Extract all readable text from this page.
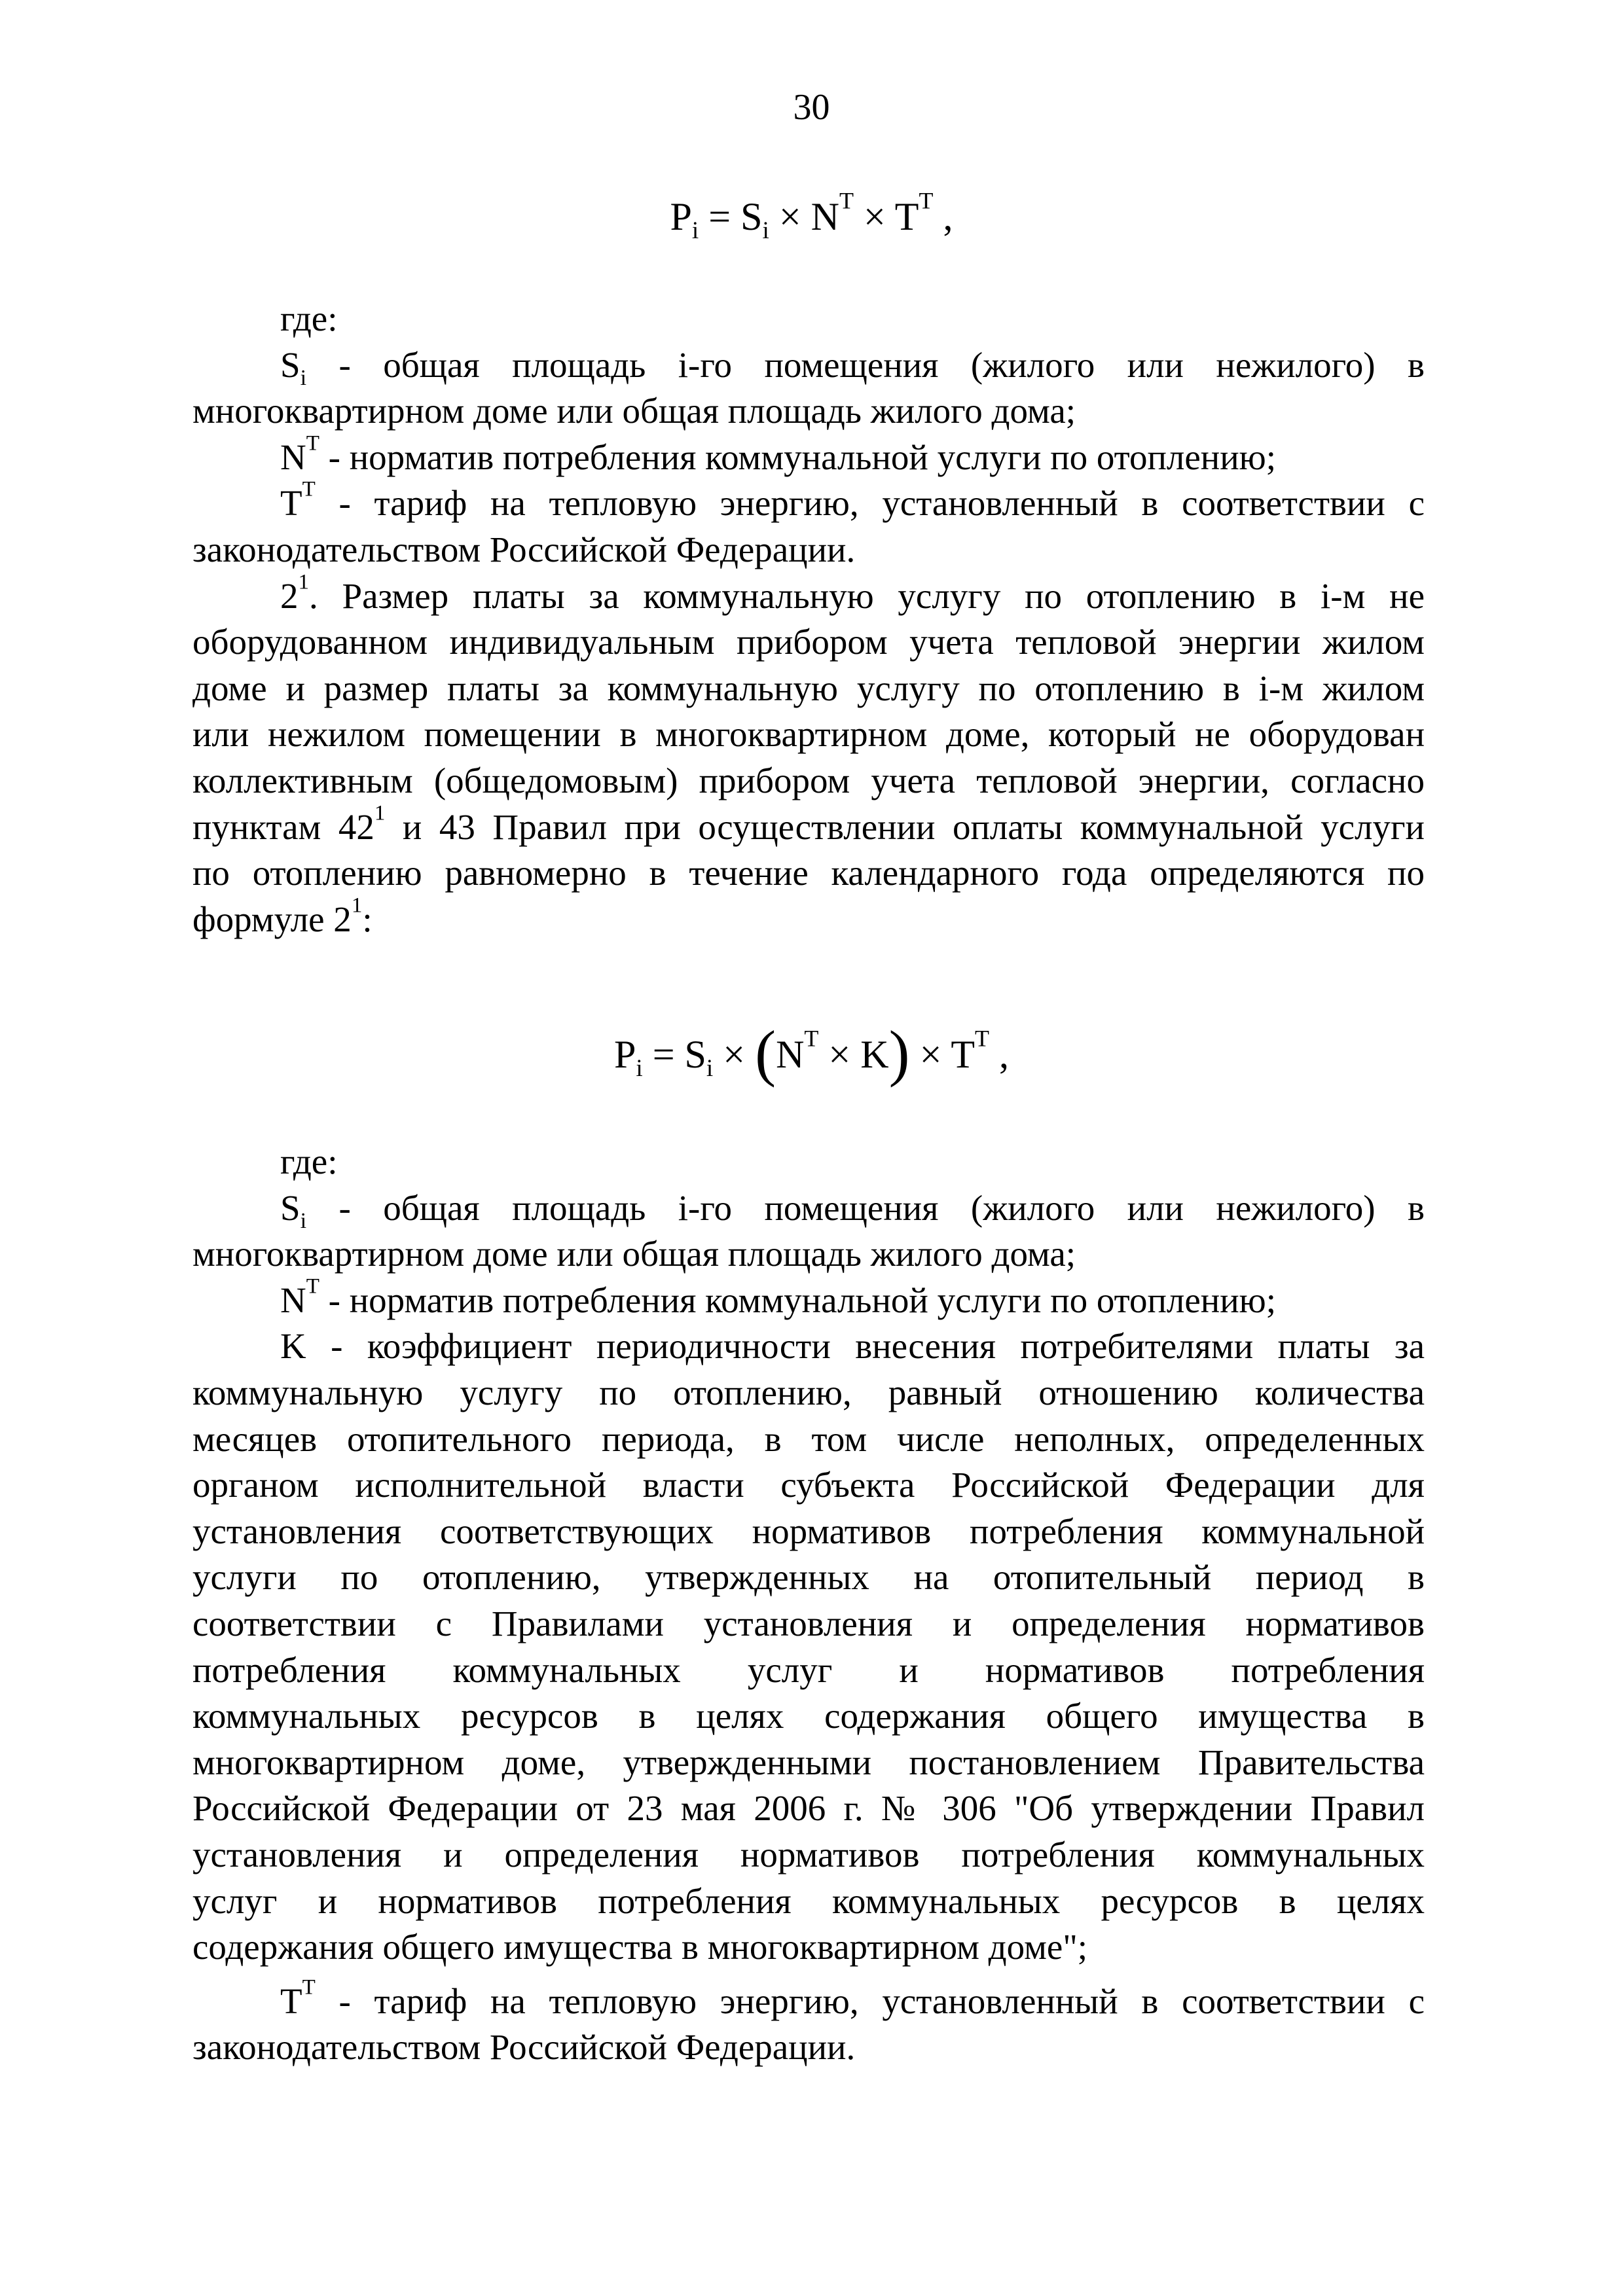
30
$P_i = S_i \times N^T \times T^T$ ,
где:
$S_i$ - общая площадь i-го помещения (жилого или нежилого) в
многоквартирном доме или общая площадь жилого дома;
$N^T$ - норматив потребления коммунальной услуги по отоплению;
$T^T$ - тариф на тепловую энергию, установленный в соответствии с
законодательством Российской Федерации.
$2^1$. Размер платы за коммунальную услугу по отоплению в i-м не
оборудованном индивидуальным прибором учета тепловой энергии жилом
доме и размер платы за коммунальную услугу по отоплению в i-м жилом
или нежилом помещении в многоквартирном доме, который не оборудован
коллективным (общедомовым) прибором учета тепловой энергии, согласно
пунктам $42^1$ и 43 Правил при осуществлении оплаты коммунальной услуги
по отоплению равномерно в течение календарного года определяются по
формуле $2^1$:
$P_i = S_i \times (N^T \times K) \times T^T$ ,
где:
$S_i$ - общая площадь i-го помещения (жилого или нежилого) в
многоквартирном доме или общая площадь жилого дома;
$N^T$ - норматив потребления коммунальной услуги по отоплению;
K - коэффициент периодичности внесения потребителями платы за
коммунальную услугу по отоплению, равный отношению количества
месяцев отопительного периода, в том числе неполных, определенных
органом исполнительной власти субъекта Российской Федерации для
установления соответствующих нормативов потребления коммунальной
услуги по отоплению, утвержденных на отопительный период в
соответствии с Правилами установления и определения нормативов
потребления коммунальных услуг и нормативов потребления
коммунальных ресурсов в целях содержания общего имущества в
многоквартирном доме, утвержденными постановлением Правительства
Российской Федерации от 23 мая 2006 г. № 306 "Об утверждении Правил
установления и определения нормативов потребления коммунальных
услуг и нормативов потребления коммунальных ресурсов в целях
содержания общего имущества в многоквартирном доме";
$T^T$ - тариф на тепловую энергию, установленный в соответствии с
законодательством Российской Федерации.
